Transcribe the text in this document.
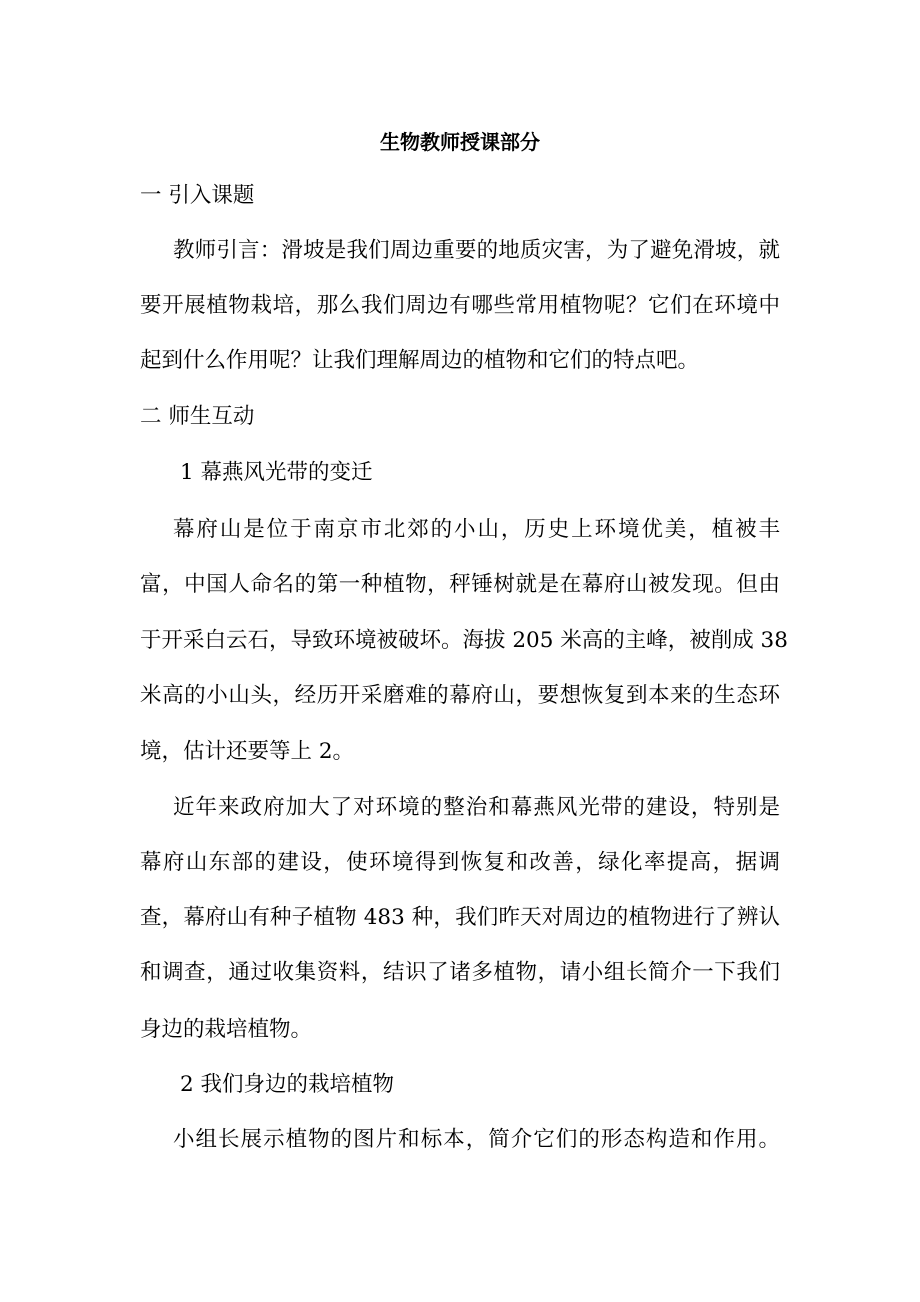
生物教师授课部分
一 引入课题
教师引言：滑坡是我们周边重要的地质灾害，为了避免滑坡，就
要开展植物栽培，那么我们周边有哪些常用植物呢？它们在环境中
起到什么作用呢？让我们理解周边的植物和它们的特点吧。
二 师生互动
1 幕燕风光带的变迁
幕府山是位于南京市北郊的小山，历史上环境优美，植被丰
富，中国人命名的第一种植物，秤锤树就是在幕府山被发现。但由
于开采白云石，导致环境被破坏。海拔 205 米高的主峰，被削成 38
米高的小山头，经历开采磨难的幕府山，要想恢复到本来的生态环
境，估计还要等上 2。
近年来政府加大了对环境的整治和幕燕风光带的建设，特别是
幕府山东部的建设，使环境得到恢复和改善，绿化率提高，据调
查，幕府山有种子植物 483 种，我们昨天对周边的植物进行了辨认
和调查，通过收集资料，结识了诸多植物，请小组长简介一下我们
身边的栽培植物。
2 我们身边的栽培植物
小组长展示植物的图片和标本，简介它们的形态构造和作用。
